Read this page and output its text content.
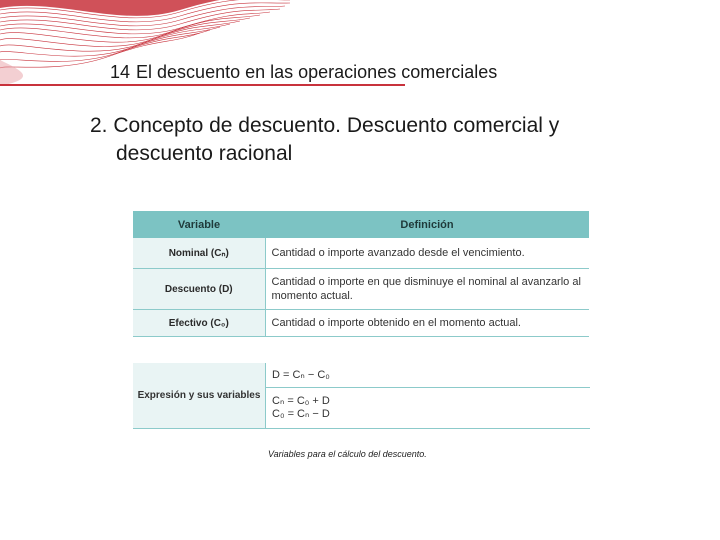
14 El descuento en las operaciones comerciales
2. Concepto de descuento. Descuento comercial y
descuento racional
Variable	Definición
Nominal (Cₙ)	Cantidad o importe avanzado desde el vencimiento.
Descuento (D)	Cantidad o importe en que disminuye el nominal al avanzarlo al momento actual.
Efectivo (C₀)	Cantidad o importe obtenido en el momento actual.
Expresión y sus variables	D = Cₙ − C₀

Cₙ = C₀ + D
C₀ = Cₙ − D
Variables para el cálculo del descuento.
